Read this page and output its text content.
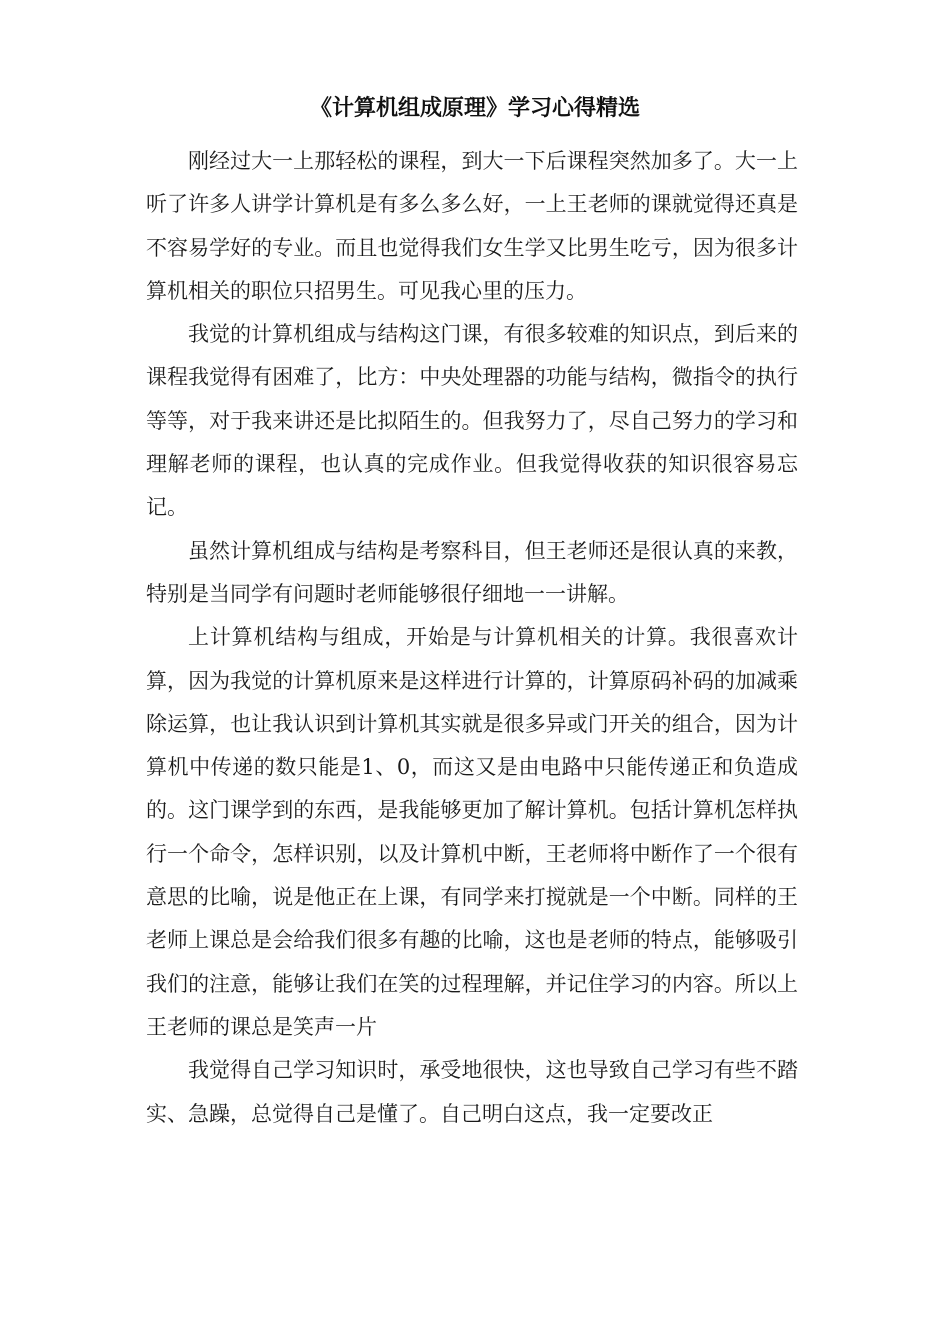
《计算机组成原理》学习心得精选

刚经过大一上那轻松的课程，到大一下后课程突然加多了。大一上听了许多人讲学计算机是有多么多么好，一上王老师的课就觉得还真是不容易学好的专业。而且也觉得我们女生学又比男生吃亏，因为很多计算机相关的职位只招男生。可见我心里的压力。

我觉的计算机组成与结构这门课，有很多较难的知识点，到后来的课程我觉得有困难了，比方：中央处理器的功能与结构，微指令的执行等等，对于我来讲还是比拟陌生的。但我努力了，尽自己努力的学习和理解老师的课程，也认真的完成作业。但我觉得收获的知识很容易忘记。

虽然计算机组成与结构是考察科目，但王老师还是很认真的来教，特别是当同学有问题时老师能够很仔细地一一讲解。

上计算机结构与组成，开始是与计算机相关的计算。我很喜欢计算，因为我觉的计算机原来是这样进行计算的，计算原码补码的加减乘除运算，也让我认识到计算机其实就是很多异或门开关的组合，因为计算机中传递的数只能是1、0，而这又是由电路中只能传递正和负造成的。这门课学到的东西，是我能够更加了解计算机。包括计算机怎样执行一个命令，怎样识别，以及计算机中断，王老师将中断作了一个很有意思的比喻，说是他正在上课，有同学来打搅就是一个中断。同样的王老师上课总是会给我们很多有趣的比喻，这也是老师的特点，能够吸引我们的注意，能够让我们在笑的过程理解，并记住学习的内容。所以上王老师的课总是笑声一片

我觉得自己学习知识时，承受地很快，这也导致自己学习有些不踏实、急躁，总觉得自己是懂了。自己明白这点，我一定要改正
